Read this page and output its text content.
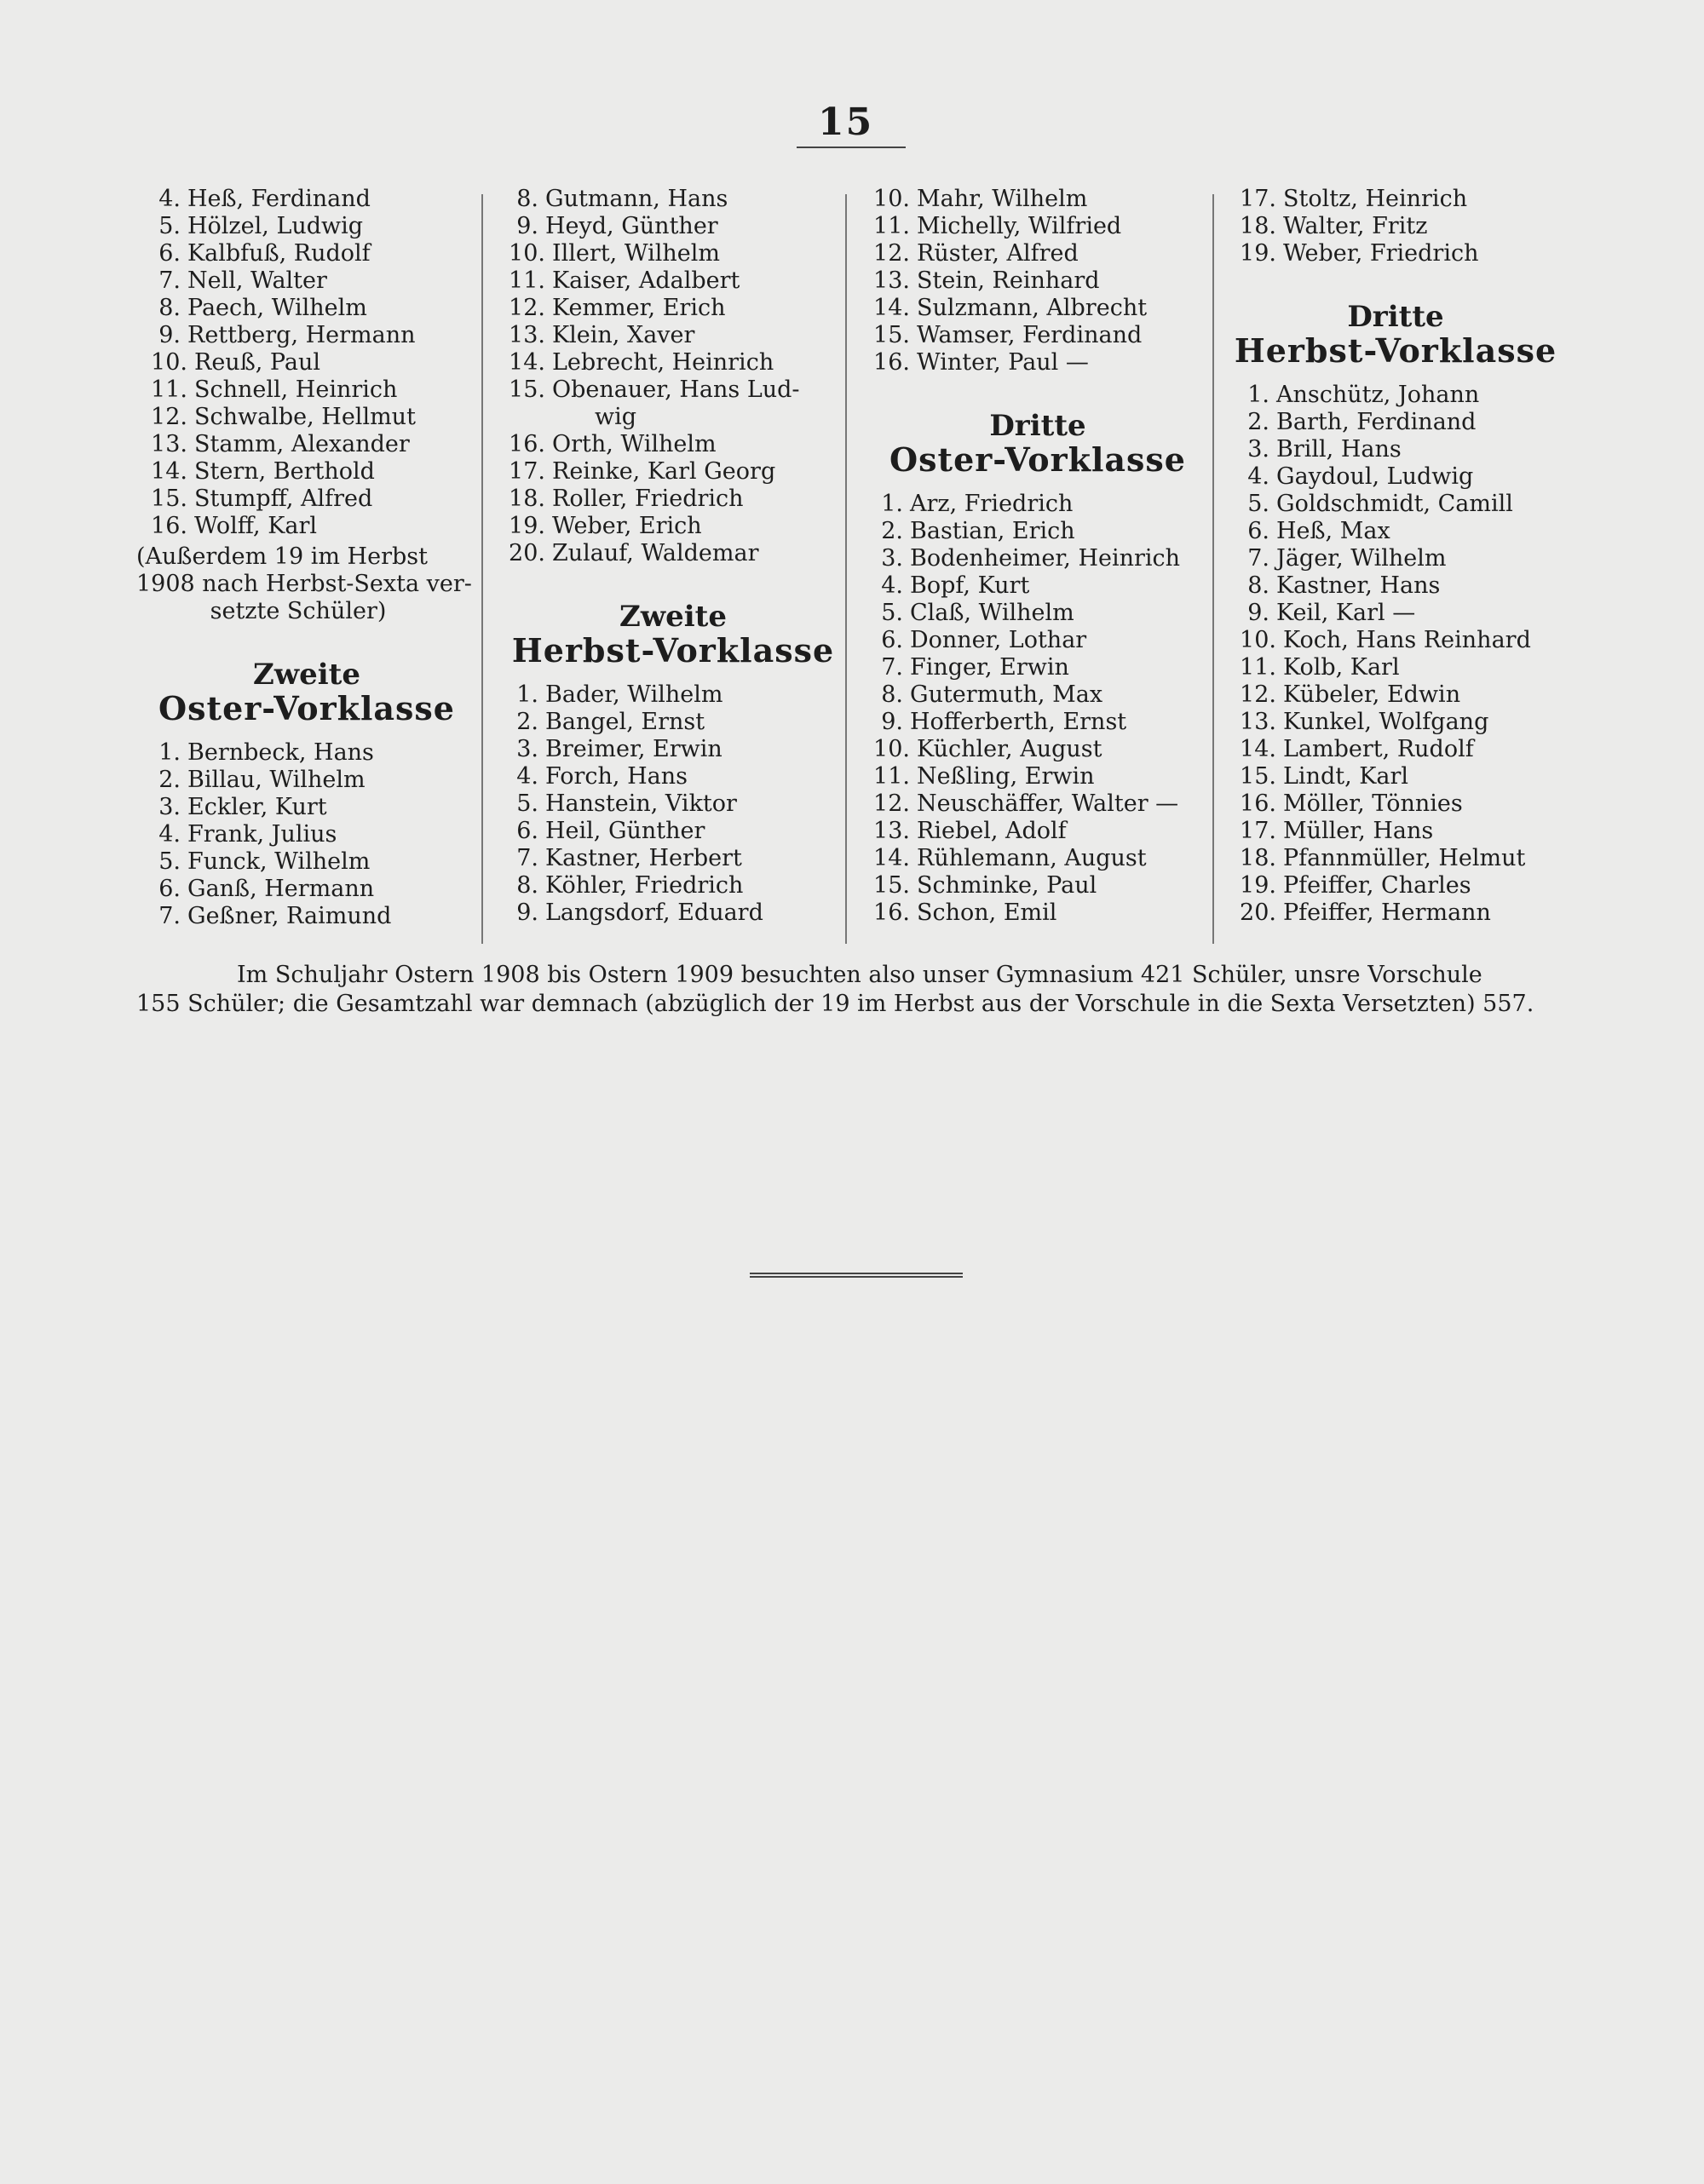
15
4. Heß, Ferdinand
5. Hölzel, Ludwig
6. Kalbfuß, Rudolf
7. Nell, Walter
8. Paech, Wilhelm
9. Rettberg, Hermann
10. Reuß, Paul
11. Schnell, Heinrich
12. Schwalbe, Hellmut
13. Stamm, Alexander
14. Stern, Berthold
15. Stumpff, Alfred
16. Wolff, Karl
(Außerdem 19 im Herbst
1908 nach Herbst-Sexta ver-
setzte Schüler)
Zweite
Oster-Vorklasse
1. Bernbeck, Hans
2. Billau, Wilhelm
3. Eckler, Kurt
4. Frank, Julius
5. Funck, Wilhelm
6. Ganß, Hermann
7. Geßner, Raimund
8. Gutmann, Hans
9. Heyd, Günther
10. Illert, Wilhelm
11. Kaiser, Adalbert
12. Kemmer, Erich
13. Klein, Xaver
14. Lebrecht, Heinrich
15. Obenauer, Hans Lud-
wig
16. Orth, Wilhelm
17. Reinke, Karl Georg
18. Roller, Friedrich
19. Weber, Erich
20. Zulauf, Waldemar
Zweite
Herbst-Vorklasse
1. Bader, Wilhelm
2. Bangel, Ernst
3. Breimer, Erwin
4. Forch, Hans
5. Hanstein, Viktor
6. Heil, Günther
7. Kastner, Herbert
8. Köhler, Friedrich
9. Langsdorf, Eduard
10. Mahr, Wilhelm
11. Michelly, Wilfried
12. Rüster, Alfred
13. Stein, Reinhard
14. Sulzmann, Albrecht
15. Wamser, Ferdinand
16. Winter, Paul —
Dritte
Oster-Vorklasse
1. Arz, Friedrich
2. Bastian, Erich
3. Bodenheimer, Heinrich
4. Bopf, Kurt
5. Claß, Wilhelm
6. Donner, Lothar
7. Finger, Erwin
8. Gutermuth, Max
9. Hofferberth, Ernst
10. Küchler, August
11. Neßling, Erwin
12. Neuschäffer, Walter —
13. Riebel, Adolf
14. Rühlemann, August
15. Schminke, Paul
16. Schon, Emil
17. Stoltz, Heinrich
18. Walter, Fritz
19. Weber, Friedrich
Dritte
Herbst-Vorklasse
1. Anschütz, Johann
2. Barth, Ferdinand
3. Brill, Hans
4. Gaydoul, Ludwig
5. Goldschmidt, Camill
6. Heß, Max
7. Jäger, Wilhelm
8. Kastner, Hans
9. Keil, Karl —
10. Koch, Hans Reinhard
11. Kolb, Karl
12. Kübeler, Edwin
13. Kunkel, Wolfgang
14. Lambert, Rudolf
15. Lindt, Karl
16. Möller, Tönnies
17. Müller, Hans
18. Pfannmüller, Helmut
19. Pfeiffer, Charles
20. Pfeiffer, Hermann
Im Schuljahr Ostern 1908 bis Ostern 1909 besuchten also unser Gymnasium 421 Schüler, unsre Vorschule
155 Schüler; die Gesamtzahl war demnach (abzüglich der 19 im Herbst aus der Vorschule in die Sexta Versetzten) 557.
